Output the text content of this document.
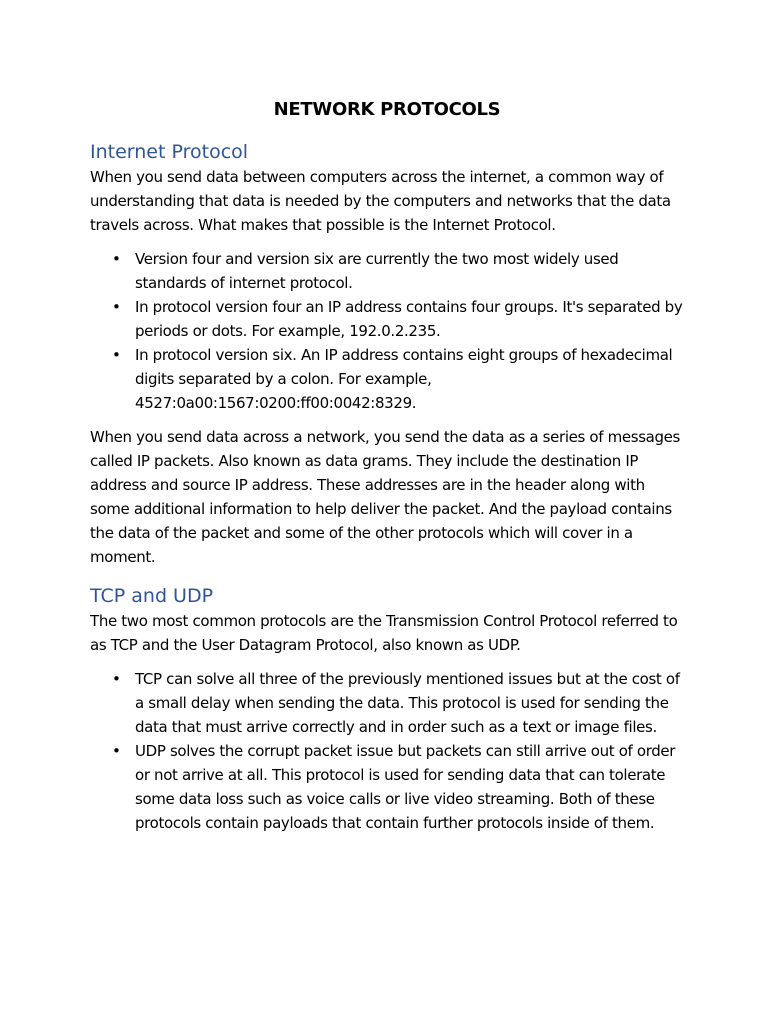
NETWORK PROTOCOLS
Internet Protocol

When you send data between computers across the internet, a common way of understanding that data is needed by the computers and networks that the data travels across. What makes that possible is the Internet Protocol.

• Version four and version six are currently the two most widely used standards of internet protocol.
• In protocol version four an IP address contains four groups. It's separated by periods or dots. For example, 192.0.2.235.
• In protocol version six. An IP address contains eight groups of hexadecimal digits separated by a colon. For example, 4527:0a00:1567:0200:ff00:0042:8329.

When you send data across a network, you send the data as a series of messages called IP packets. Also known as data grams. They include the destination IP address and source IP address. These addresses are in the header along with some additional information to help deliver the packet. And the payload contains the data of the packet and some of the other protocols which will cover in a moment.

TCP and UDP

The two most common protocols are the Transmission Control Protocol referred to as TCP and the User Datagram Protocol, also known as UDP.

• TCP can solve all three of the previously mentioned issues but at the cost of a small delay when sending the data. This protocol is used for sending the data that must arrive correctly and in order such as a text or image files.
• UDP solves the corrupt packet issue but packets can still arrive out of order or not arrive at all. This protocol is used for sending data that can tolerate some data loss such as voice calls or live video streaming. Both of these protocols contain payloads that contain further protocols inside of them.
